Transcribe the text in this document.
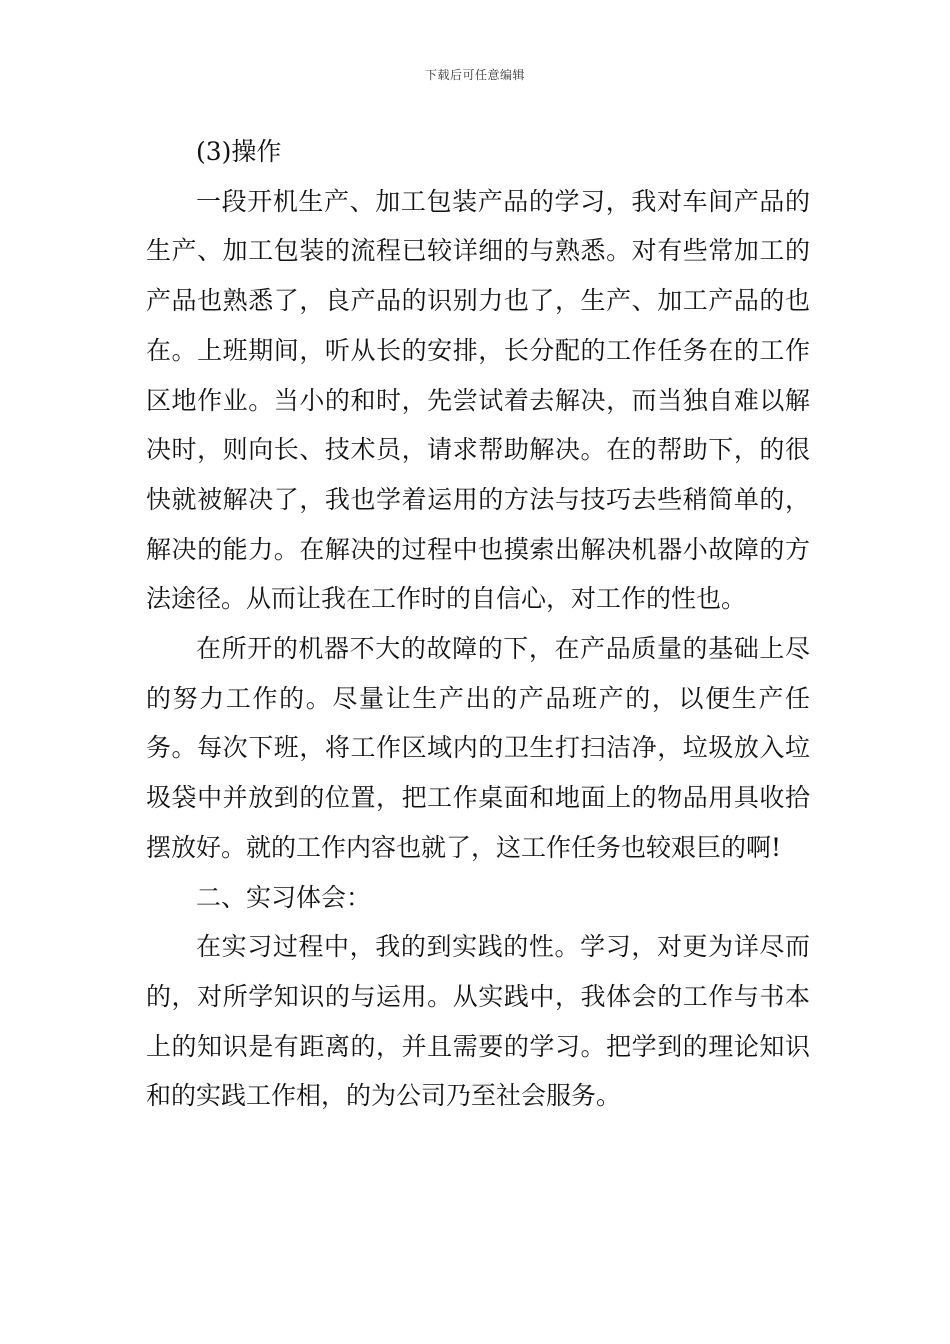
下载后可任意编辑

(3)操作

一段开机生产、加工包装产品的学习，我对车间产品的生产、加工包装的流程已较详细的与熟悉。对有些常加工的产品也熟悉了，良产品的识别力也了，生产、加工产品的也在。上班期间，听从长的安排，长分配的工作任务在的工作区地作业。当小的和时，先尝试着去解决，而当独自难以解决时，则向长、技术员，请求帮助解决。在的帮助下，的很快就被解决了，我也学着运用的方法与技巧去些稍简单的，解决的能力。在解决的过程中也摸索出解决机器小故障的方法途径。从而让我在工作时的自信心，对工作的性也。

在所开的机器不大的故障的下，在产品质量的基础上尽的努力工作的。尽量让生产出的产品班产的，以便生产任务。每次下班，将工作区域内的卫生打扫洁净，垃圾放入垃圾袋中并放到的位置，把工作桌面和地面上的物品用具收拾摆放好。就的工作内容也就了，这工作任务也较艰巨的啊!

二、实习体会：

在实习过程中，我的到实践的性。学习，对更为详尽而的，对所学知识的与运用。从实践中，我体会的工作与书本上的知识是有距离的，并且需要的学习。把学到的理论知识和的实践工作相，的为公司乃至社会服务。
